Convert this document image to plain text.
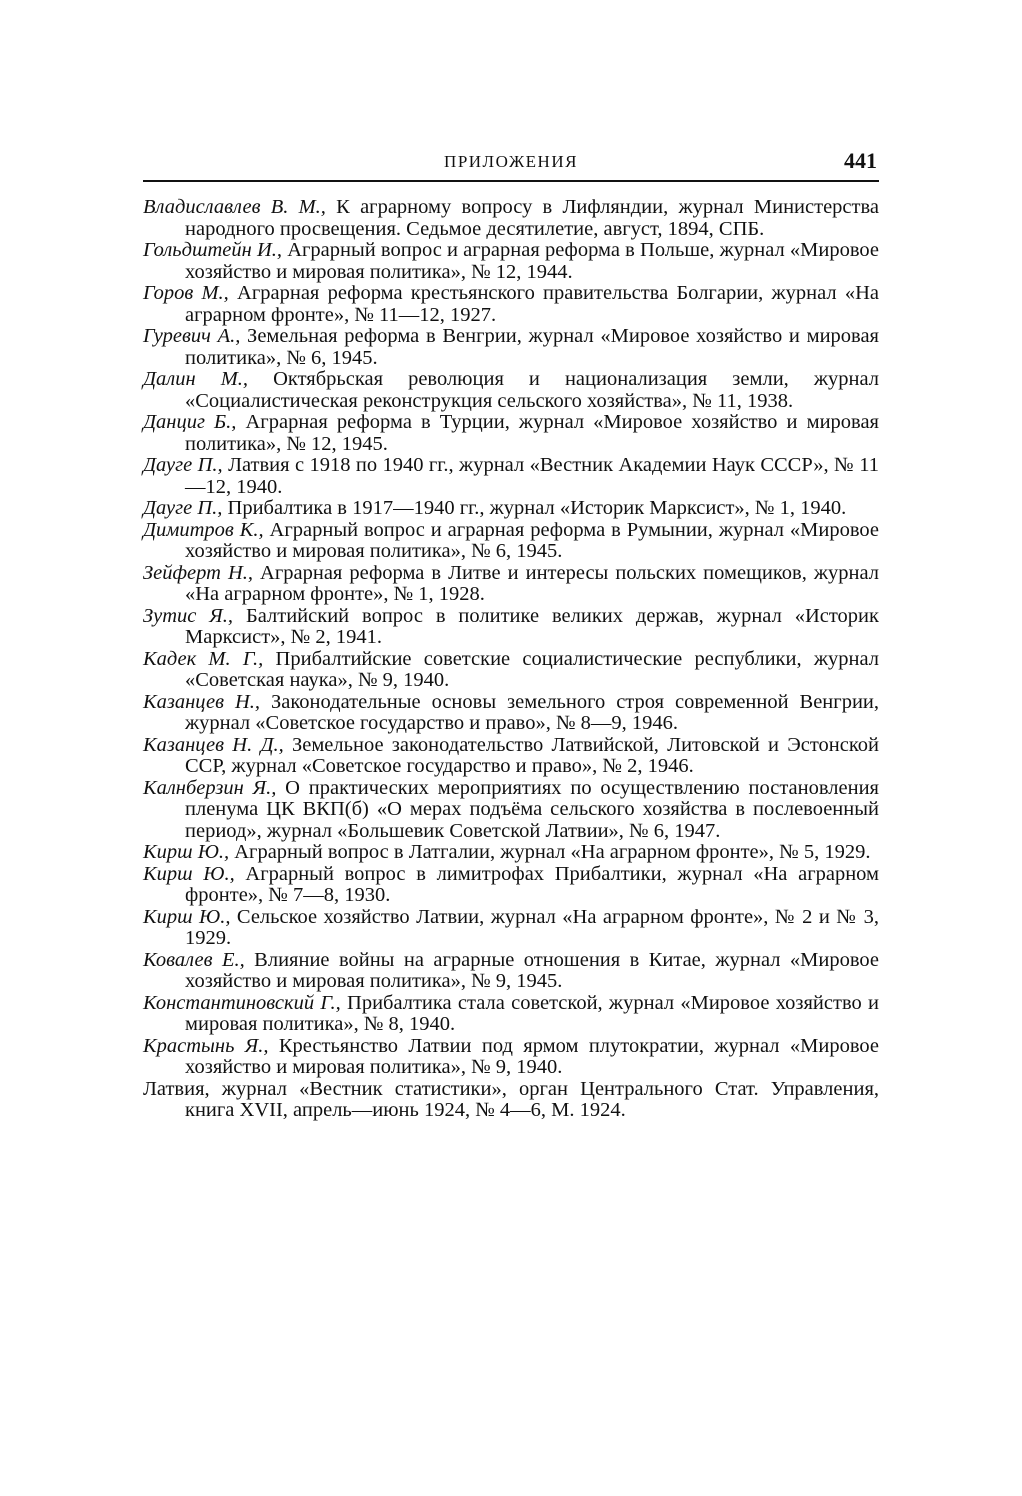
ПРИЛОЖЕНИЯ	441

Владиславлев В. М., К аграрному вопросу в Лифляндии, журнал Министерства народного просвещения. Седьмое десятилетие, август, 1894, СПБ.

Гольдштейн И., Аграрный вопрос и аграрная реформа в Польше, журнал «Мировое хозяйство и мировая политика», № 12, 1944.

Горов М., Аграрная реформа крестьянского правительства Болгарии, журнал «На аграрном фронте», № 11—12, 1927.

Гуревич А., Земельная реформа в Венгрии, журнал «Мировое хозяйство и мировая политика», № 6, 1945.

Далин М., Октябрьская революция и национализация земли, журнал «Социалистическая реконструкция сельского хозяйства», № 11, 1938.

Данциг Б., Аграрная реформа в Турции, журнал «Мировое хозяйство и мировая политика», № 12, 1945.

Дауге П., Латвия с 1918 по 1940 гг., журнал «Вестник Академии Наук СССР», № 11—12, 1940.

Дауге П., Прибалтика в 1917—1940 гг., журнал «Историк Марксист», № 1, 1940.

Димитров К., Аграрный вопрос и аграрная реформа в Румынии, журнал «Мировое хозяйство и мировая политика», № 6, 1945.

Зейферт Н., Аграрная реформа в Литве и интересы польских помещиков, журнал «На аграрном фронте», № 1, 1928.

Зутис Я., Балтийский вопрос в политике великих держав, журнал «Историк Марксист», № 2, 1941.

Кадек М. Г., Прибалтийские советские социалистические республики, журнал «Советская наука», № 9, 1940.

Казанцев Н., Законодательные основы земельного строя современной Венгрии, журнал «Советское государство и право», № 8—9, 1946.

Казанцев Н. Д., Земельное законодательство Латвийской, Литовской и Эстонской ССР, журнал «Советское государство и право», № 2, 1946.

Калнберзин Я., О практических мероприятиях по осуществлению постановления пленума ЦК ВКП(б) «О мерах подъёма сельского хозяйства в послевоенный период», журнал «Большевик Советской Латвии», № 6, 1947.

Кирш Ю., Аграрный вопрос в Латгалии, журнал «На аграрном фронте», № 5, 1929.

Кирш Ю., Аграрный вопрос в лимитрофах Прибалтики, журнал «На аграрном фронте», № 7—8, 1930.

Кирш Ю., Сельское хозяйство Латвии, журнал «На аграрном фронте», № 2 и № 3, 1929.

Ковалев Е., Влияние войны на аграрные отношения в Китае, журнал «Мировое хозяйство и мировая политика», № 9, 1945.

Константиновский Г., Прибалтика стала советской, журнал «Мировое хозяйство и мировая политика», № 8, 1940.

Крастынь Я., Крестьянство Латвии под ярмом плутократии, журнал «Мировое хозяйство и мировая политика», № 9, 1940.

Латвия, журнал «Вестник статистики», орган Центрального Стат. Управления, книга XVII, апрель—июнь 1924, № 4—6, М. 1924.
